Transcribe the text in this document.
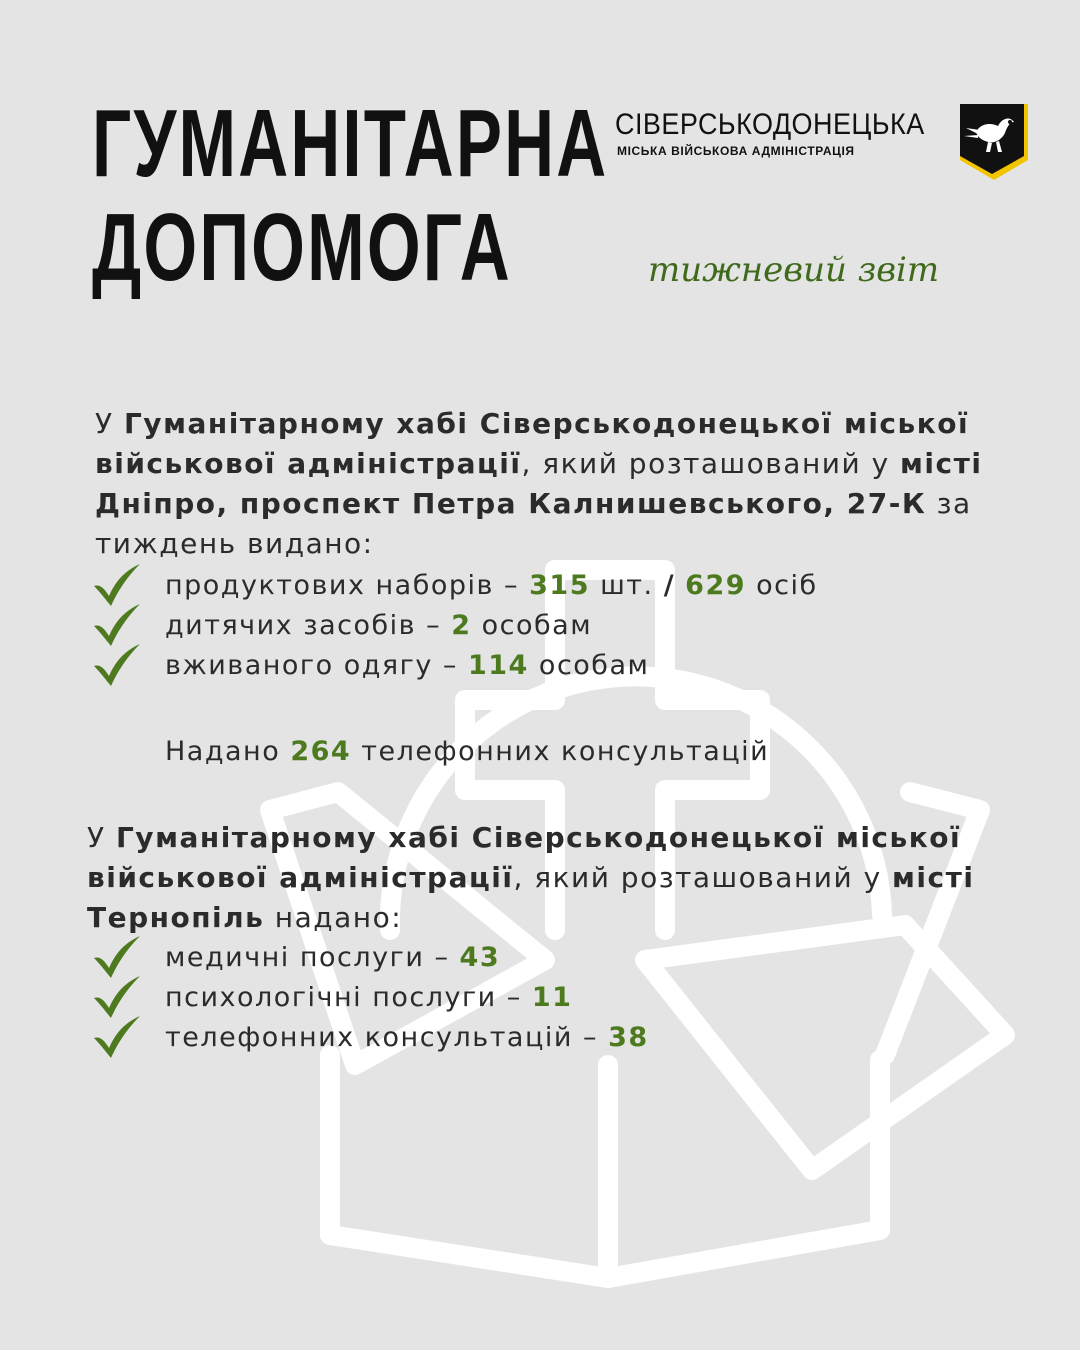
ГУМАНІТАРНА
ДОПОМОГА
СІВЕРСЬКОДОНЕЦЬКА
МІСЬКА ВІЙСЬКОВА АДМІНІСТРАЦІЯ
тижневий звіт

У Гуманітарному хабі Сіверськодонецької міської військової адміністрації, який розташований у місті Дніпро, проспект Петра Калнишевського, 27-К за тиждень видано:

продуктових наборів – 315 шт. / 629 осіб
дитячих засобів – 2 особам
вживаного одягу – 114 особам

Надано 264 телефонних консультацій

У Гуманітарному хабі Сіверськодонецької міської військової адміністрації, який розташований у місті Тернопіль надано:

медичні послуги – 43
психологічні послуги – 11
телефонних консультацій – 38
